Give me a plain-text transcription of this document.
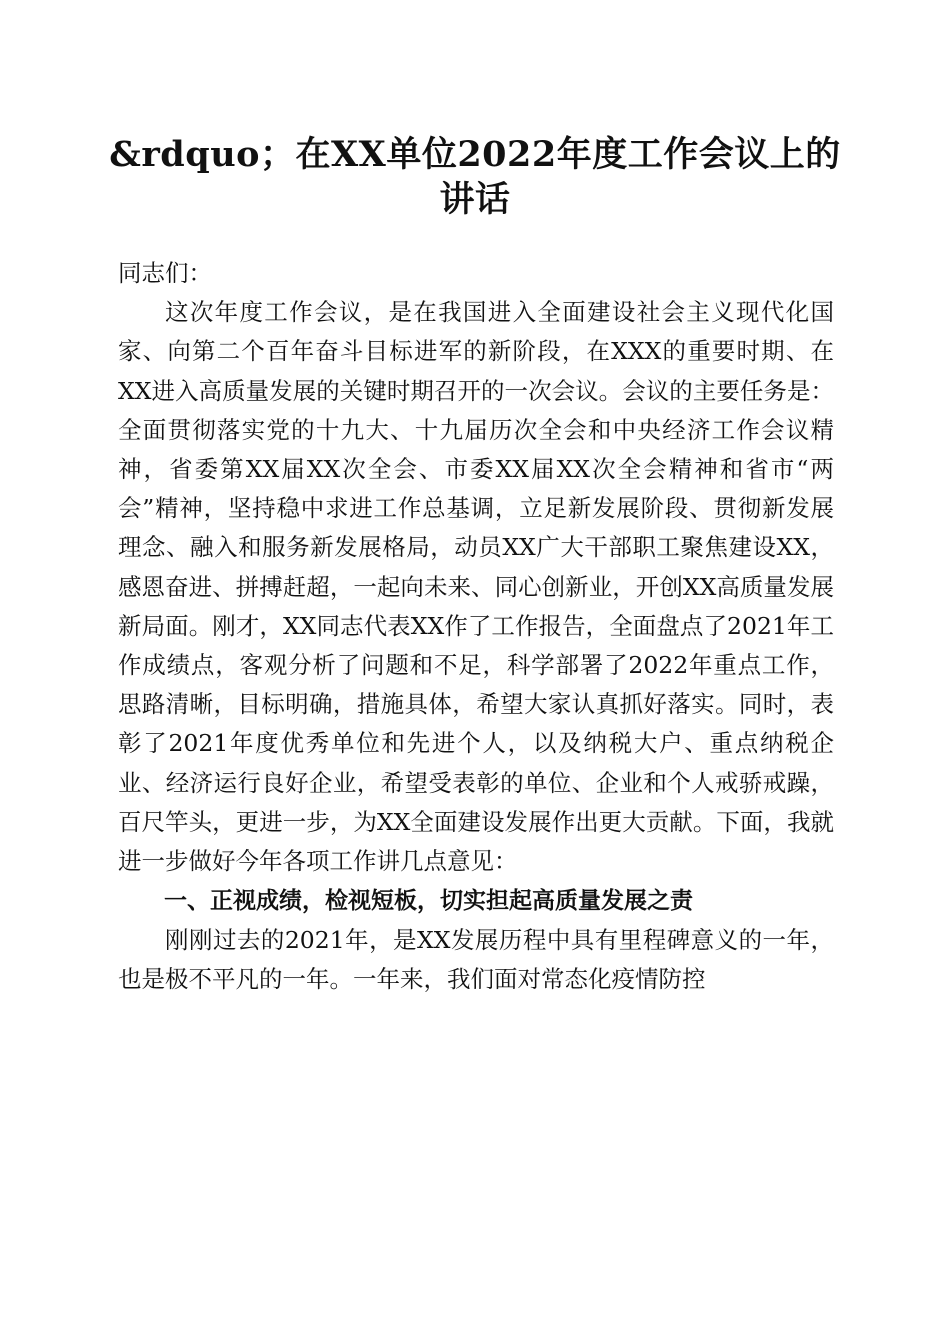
&rdquo；在XX单位2022年度工作会议上的讲话

同志们：

这次年度工作会议，是在我国进入全面建设社会主义现代化国家、向第二个百年奋斗目标进军的新阶段，在XXX的重要时期、在XX进入高质量发展的关键时期召开的一次会议。会议的主要任务是：全面贯彻落实党的十九大、十九届历次全会和中央经济工作会议精神，省委第XX届XX次全会、市委XX届XX次全会精神和省市“两会”精神，坚持稳中求进工作总基调，立足新发展阶段、贯彻新发展理念、融入和服务新发展格局，动员XX广大干部职工聚焦建设XX，感恩奋进、拼搏赶超，一起向未来、同心创新业，开创XX高质量发展新局面。刚才，XX同志代表XX作了工作报告，全面盘点了2021年工作成绩点，客观分析了问题和不足，科学部署了2022年重点工作，思路清晰，目标明确，措施具体，希望大家认真抓好落实。同时，表彰了2021年度优秀单位和先进个人，以及纳税大户、重点纳税企业、经济运行良好企业，希望受表彰的单位、企业和个人戒骄戒躁，百尺竿头，更进一步，为XX全面建设发展作出更大贡献。下面，我就进一步做好今年各项工作讲几点意见：

一、正视成绩，检视短板，切实担起高质量发展之责

刚刚过去的2021年，是XX发展历程中具有里程碑意义的一年，也是极不平凡的一年。一年来，我们面对常态化疫情防控
